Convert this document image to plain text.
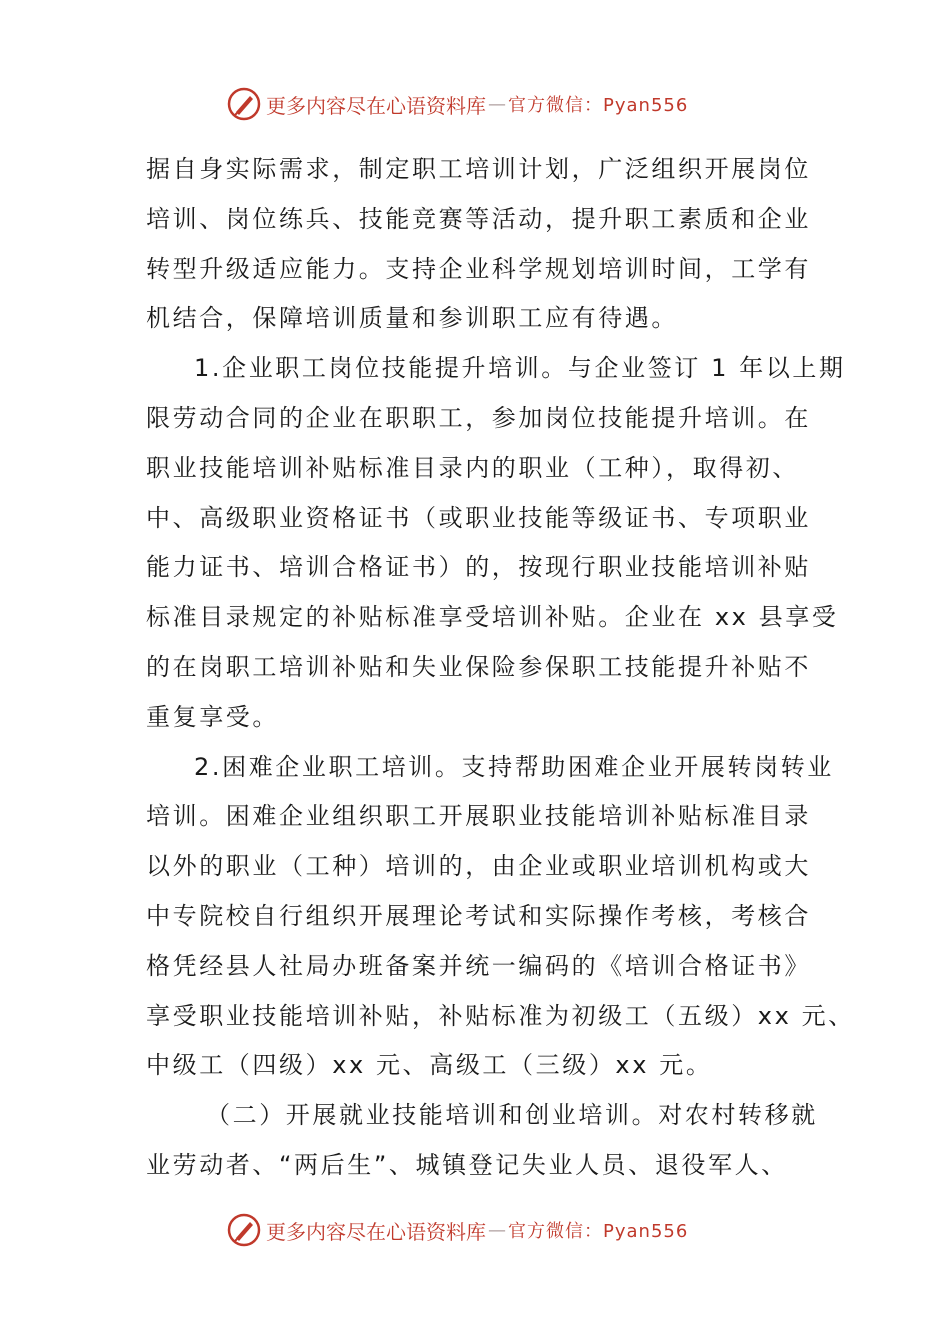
更多内容尽在心语资料库 — 官方微信：Pyan556
据自身实际需求，制定职工培训计划，广泛组织开展岗位
培训、岗位练兵、技能竞赛等活动，提升职工素质和企业
转型升级适应能力。支持企业科学规划培训时间，工学有
机结合，保障培训质量和参训职工应有待遇。
1.企业职工岗位技能提升培训。与企业签订 1 年以上期
限劳动合同的企业在职职工，参加岗位技能提升培训。在
职业技能培训补贴标准目录内的职业（工种），取得初、
中、高级职业资格证书（或职业技能等级证书、专项职业
能力证书、培训合格证书）的，按现行职业技能培训补贴
标准目录规定的补贴标准享受培训补贴。企业在 xx 县享受
的在岗职工培训补贴和失业保险参保职工技能提升补贴不
重复享受。
2.困难企业职工培训。支持帮助困难企业开展转岗转业
培训。困难企业组织职工开展职业技能培训补贴标准目录
以外的职业（工种）培训的，由企业或职业培训机构或大
中专院校自行组织开展理论考试和实际操作考核，考核合
格凭经县人社局办班备案并统一编码的《培训合格证书》
享受职业技能培训补贴，补贴标准为初级工（五级）xx 元、
中级工（四级）xx 元、高级工（三级）xx 元。
（二）开展就业技能培训和创业培训。对农村转移就
业劳动者、“两后生”、城镇登记失业人员、退役军人、
更多内容尽在心语资料库 — 官方微信：Pyan556
